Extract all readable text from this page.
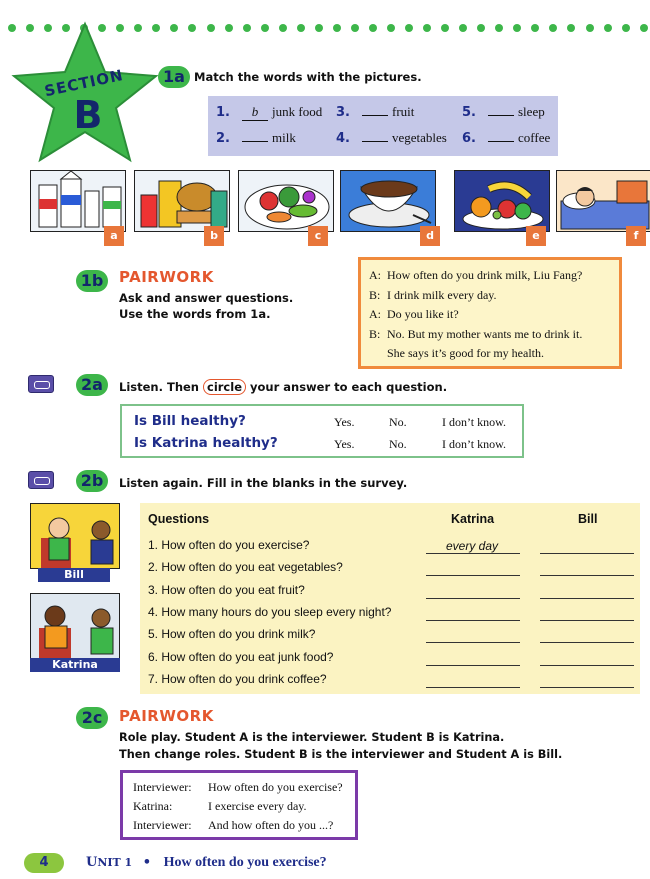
SECTION
B
1a Match the words with the pictures.
1. b junk food
2.	milk
3.	fruit
4.	vegetables
5.	sleep
6.	coffee
a	b	c	d	e	f
1b	PAIRWORK
Ask and answer questions.
Use the words from 1a.
A: How often do you drink milk, Liu Fang?
B: I drink milk every day.
A: Do you like it?
B: No. But my mother wants me to drink it.
She says it’s good for my health.
2a	Listen. Then circle your answer to each question.
Is Bill healthy?	Yes.	No.	I don’t know.
Is Katrina healthy?	Yes.	No.	I don’t know.
2b	Listen again. Fill in the blanks in the survey.
Bill
Katrina
Questions	Katrina	Bill
1. How often do you exercise?	every day
2. How often do you eat vegetables?
3. How often do you eat fruit?
4. How many hours do you sleep every night?
5. How often do you drink milk?
6. How often do you eat junk food?
7. How often do you drink coffee?
2c	PAIRWORK
Role play. Student A is the interviewer. Student B is Katrina.
Then change roles. Student B is the interviewer and Student A is Bill.
Interviewer:	How often do you exercise?
Katrina:	I exercise every day.
Interviewer:	And how often do you ...?
4	UNIT 1 • How often do you exercise?
